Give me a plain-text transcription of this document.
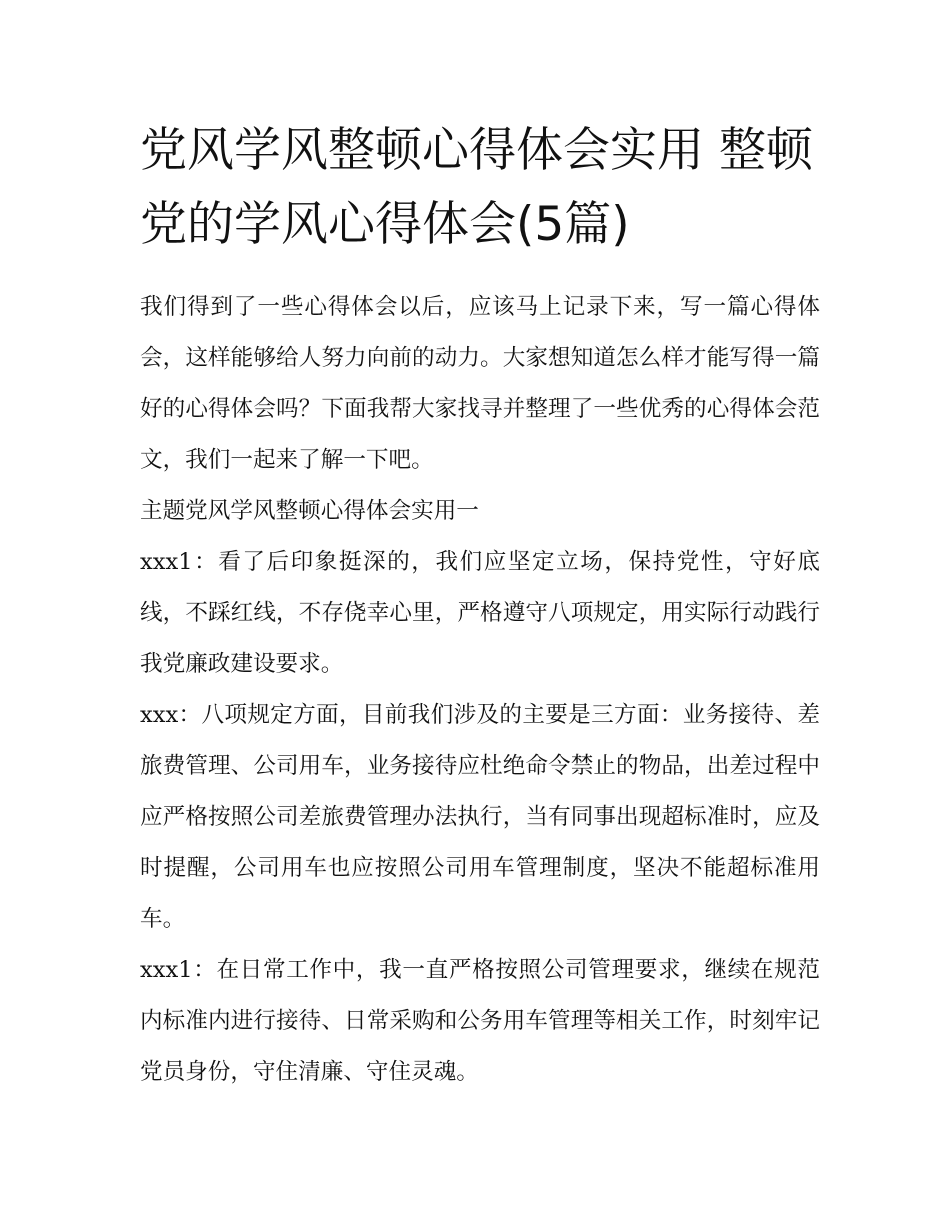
党风学风整顿心得体会实用 整顿党的学风心得体会(5篇)

我们得到了一些心得体会以后，应该马上记录下来，写一篇心得体会，这样能够给人努力向前的动力。大家想知道怎么样才能写得一篇好的心得体会吗？下面我帮大家找寻并整理了一些优秀的心得体会范文，我们一起来了解一下吧。

主题党风学风整顿心得体会实用一

xxx1：看了后印象挺深的，我们应坚定立场，保持党性，守好底线，不踩红线，不存侥幸心里，严格遵守八项规定，用实际行动践行我党廉政建设要求。

xxx：八项规定方面，目前我们涉及的主要是三方面：业务接待、差旅费管理、公司用车，业务接待应杜绝命令禁止的物品，出差过程中应严格按照公司差旅费管理办法执行，当有同事出现超标准时，应及时提醒，公司用车也应按照公司用车管理制度，坚决不能超标准用车。

xxx1：在日常工作中，我一直严格按照公司管理要求，继续在规范内标准内进行接待、日常采购和公务用车管理等相关工作，时刻牢记党员身份，守住清廉、守住灵魂。
